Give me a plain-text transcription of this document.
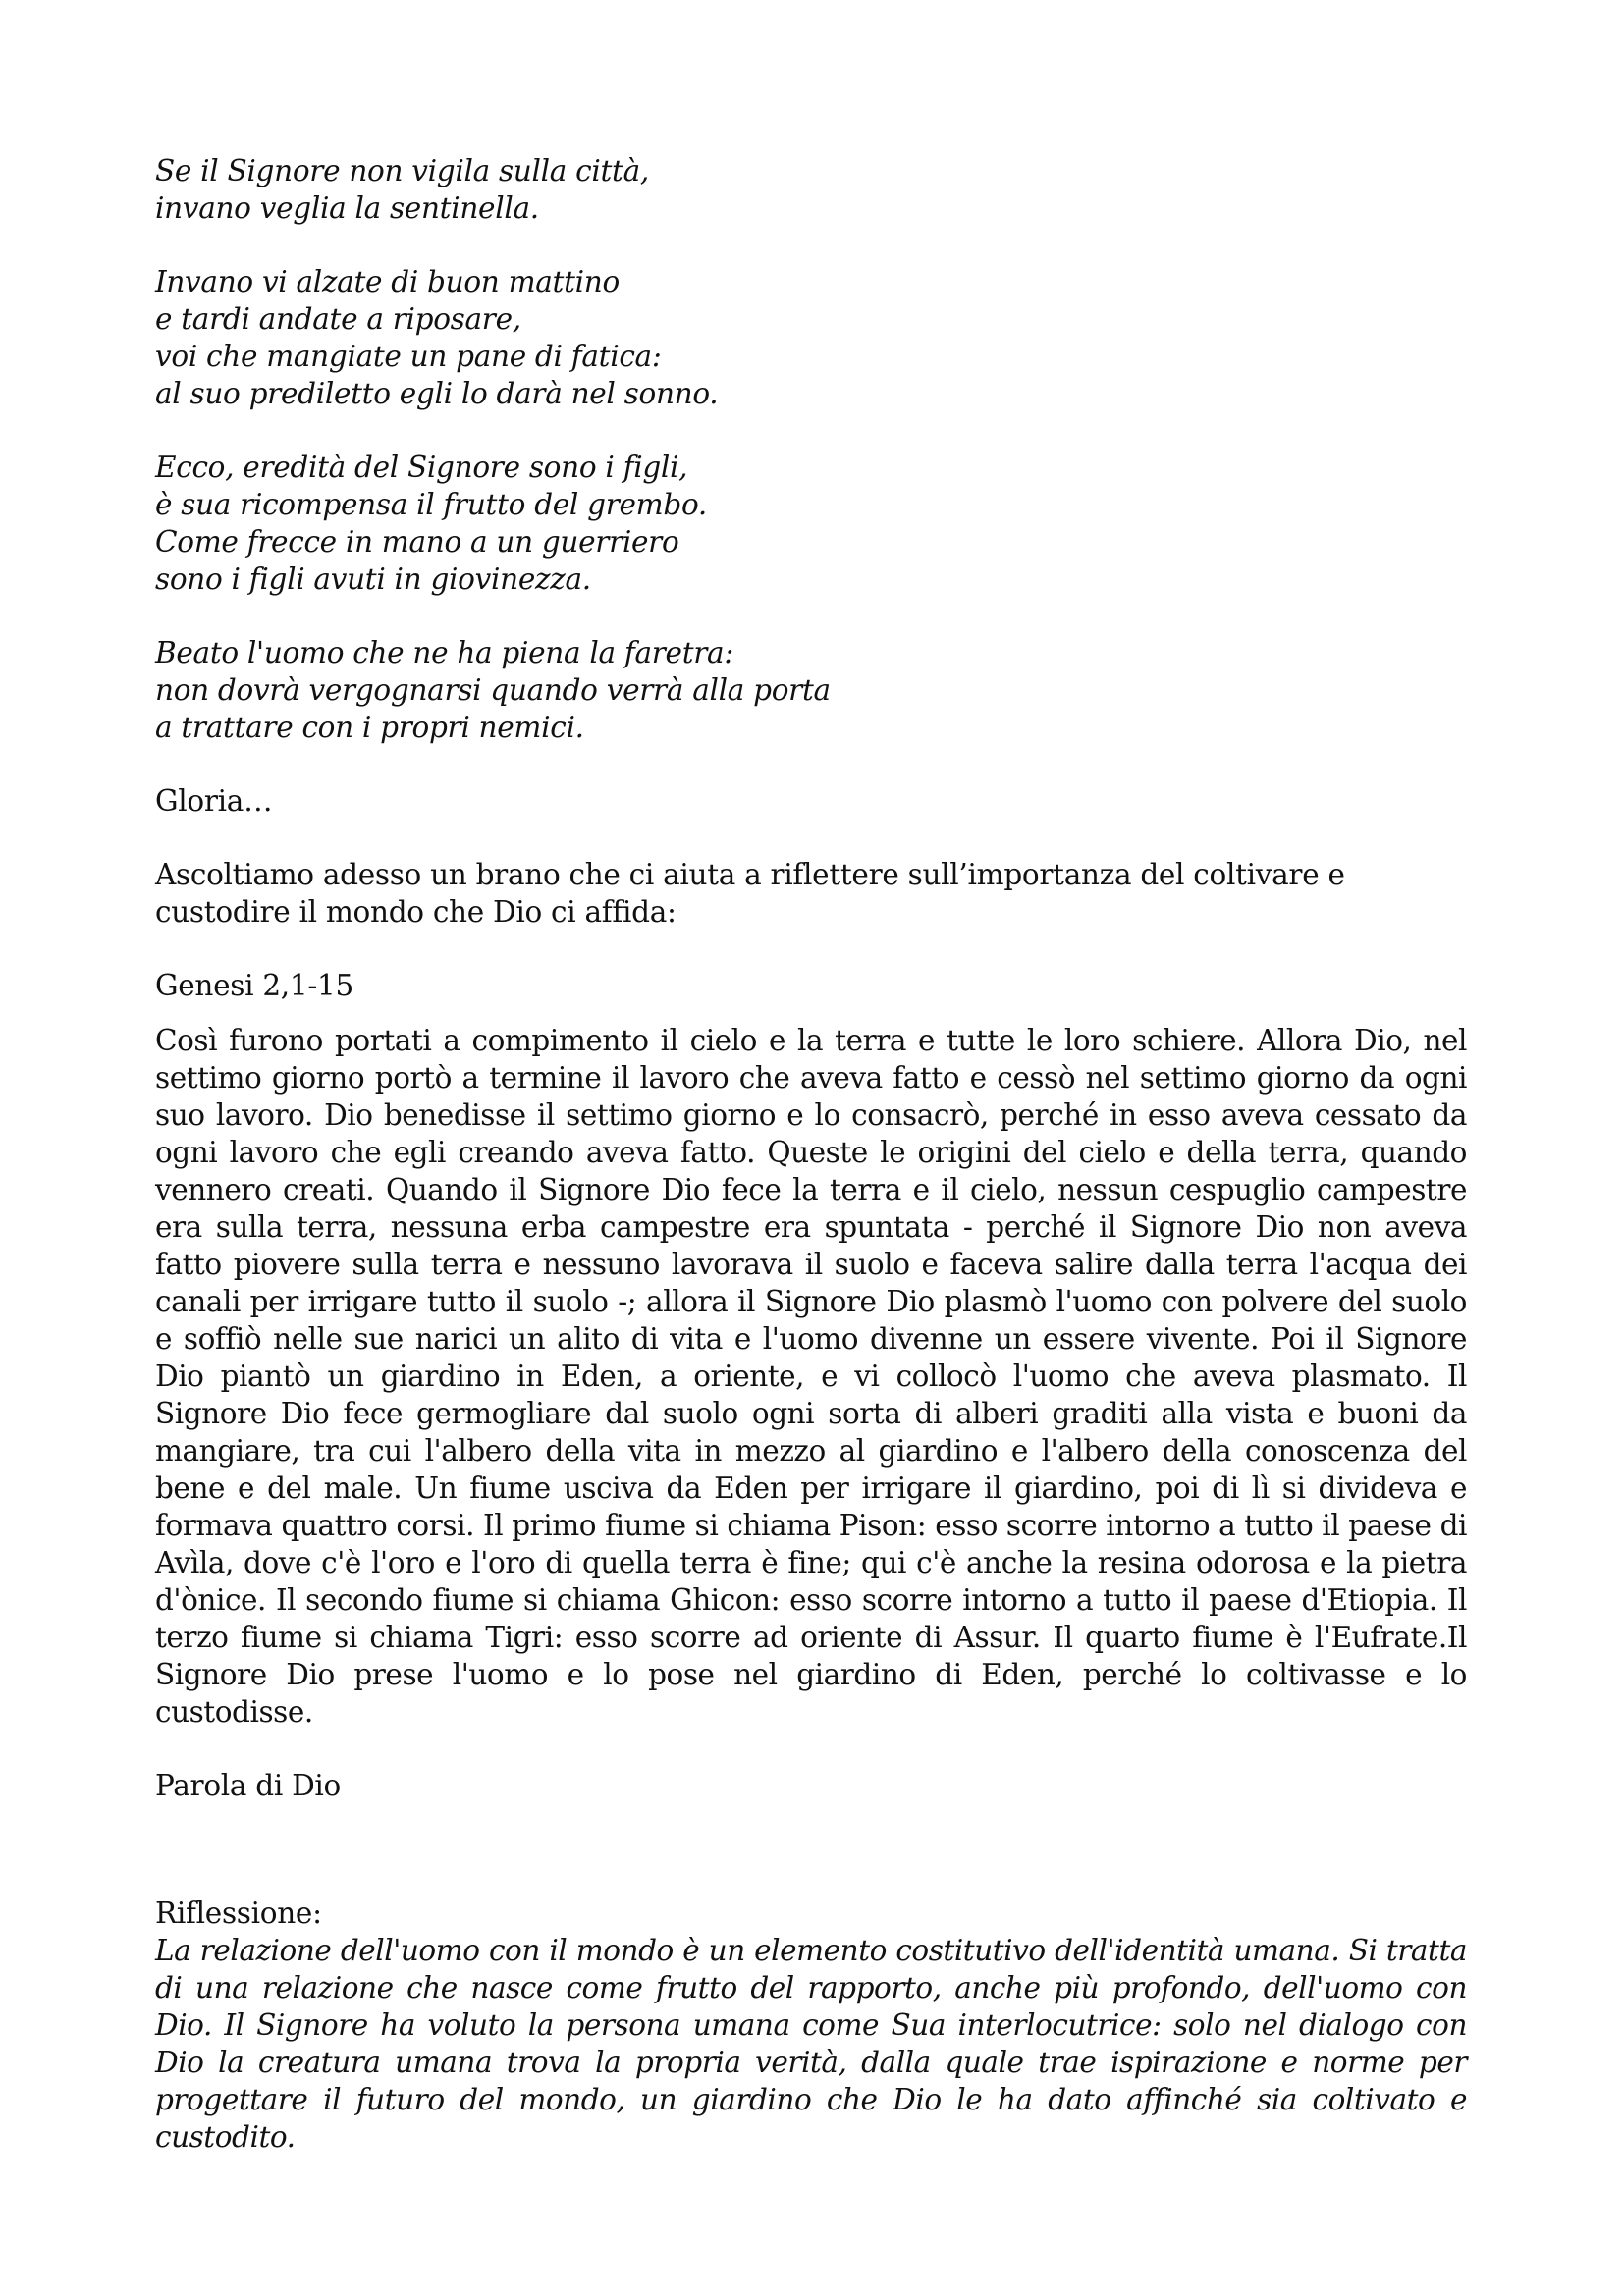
Se il Signore non vigila sulla città,
invano veglia la sentinella.
Invano vi alzate di buon mattino
e tardi andate a riposare,
voi che mangiate un pane di fatica:
al suo prediletto egli lo darà nel sonno.
Ecco, eredità del Signore sono i figli,
è sua ricompensa il frutto del grembo.
Come frecce in mano a un guerriero
sono i figli avuti in giovinezza.
Beato l'uomo che ne ha piena la faretra:
non dovrà vergognarsi quando verrà alla porta
a trattare con i propri nemici.

Gloria…

Ascoltiamo adesso un brano che ci aiuta a riflettere sull’importanza del coltivare e custodire il mondo che Dio ci affida:

Genesi 2,1-15

Così furono portati a compimento il cielo e la terra e tutte le loro schiere. Allora Dio, nel settimo giorno portò a termine il lavoro che aveva fatto e cessò nel settimo giorno da ogni suo lavoro. Dio benedisse il settimo giorno e lo consacrò, perché in esso aveva cessato da ogni lavoro che egli creando aveva fatto. Queste le origini del cielo e della terra, quando vennero creati. Quando il Signore Dio fece la terra e il cielo, nessun cespuglio campestre era sulla terra, nessuna erba campestre era spuntata - perché il Signore Dio non aveva fatto piovere sulla terra e nessuno lavorava il suolo e faceva salire dalla terra l'acqua dei canali per irrigare tutto il suolo -; allora il Signore Dio plasmò l'uomo con polvere del suolo e soffiò nelle sue narici un alito di vita e l'uomo divenne un essere vivente. Poi il Signore Dio piantò un giardino in Eden, a oriente, e vi collocò l'uomo che aveva plasmato. Il Signore Dio fece germogliare dal suolo ogni sorta di alberi graditi alla vista e buoni da mangiare, tra cui l'albero della vita in mezzo al giardino e l'albero della conoscenza del bene e del male. Un fiume usciva da Eden per irrigare il giardino, poi di lì si divideva e formava quattro corsi. Il primo fiume si chiama Pison: esso scorre intorno a tutto il paese di Avìla, dove c'è l'oro e l'oro di quella terra è fine; qui c'è anche la resina odorosa e la pietra d'ònice. Il secondo fiume si chiama Ghicon: esso scorre intorno a tutto il paese d'Etiopia. Il terzo fiume si chiama Tigri: esso scorre ad oriente di Assur. Il quarto fiume è l'Eufrate.Il Signore Dio prese l'uomo e lo pose nel giardino di Eden, perché lo coltivasse e lo custodisse.

Parola di Dio

Riflessione:

La relazione dell'uomo con il mondo è un elemento costitutivo dell'identità umana. Si tratta di una relazione che nasce come frutto del rapporto, anche più profondo, dell'uomo con Dio. Il Signore ha voluto la persona umana come Sua interlocutrice: solo nel dialogo con Dio la creatura umana trova la propria verità, dalla quale trae ispirazione e norme per progettare il futuro del mondo, un giardino che Dio le ha dato affinché sia coltivato e custodito.
